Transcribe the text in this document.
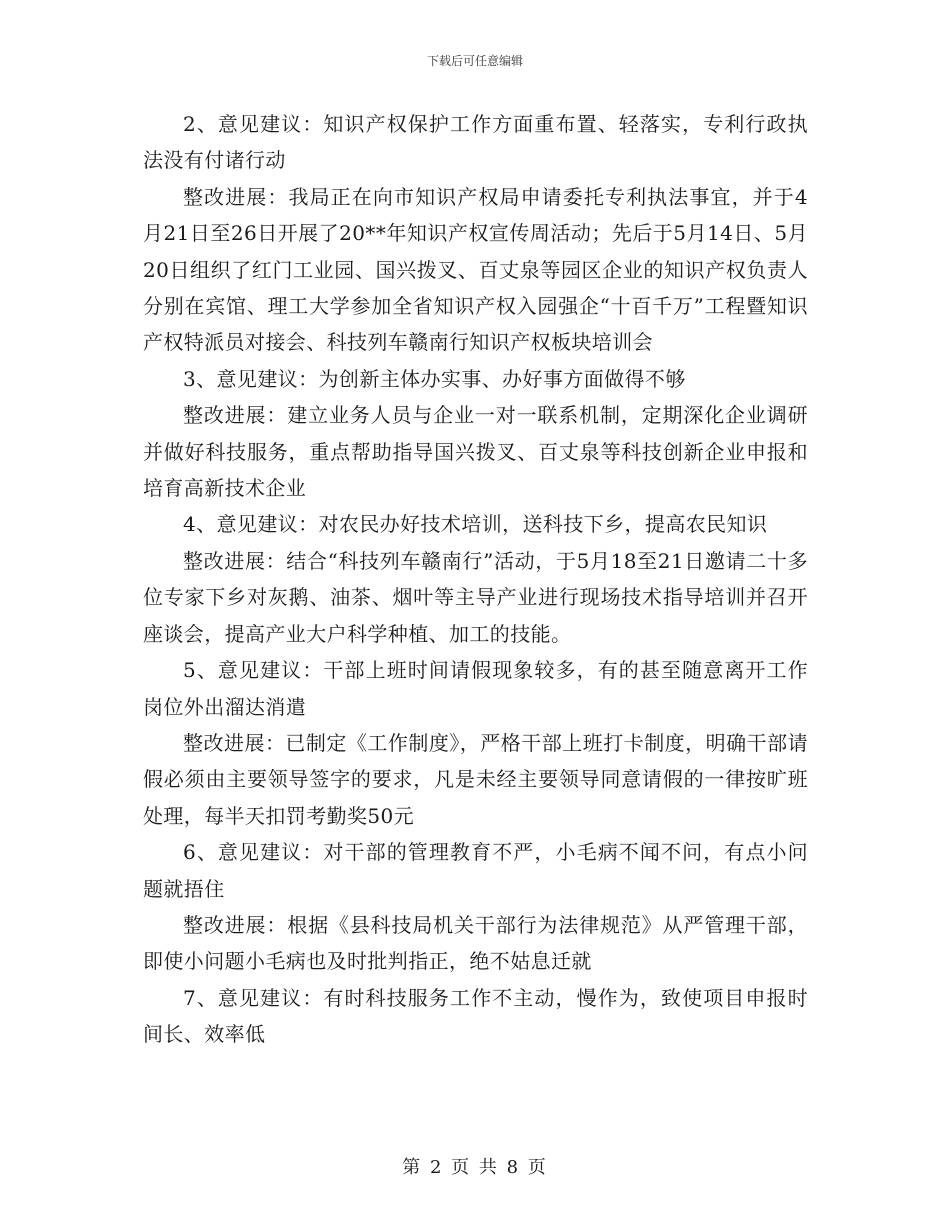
下载后可任意编辑

2、意见建议：知识产权保护工作方面重布置、轻落实，专利行政执法没有付诸行动

整改进展：我局正在向市知识产权局申请委托专利执法事宜，并于4月21日至26日开展了20**年知识产权宣传周活动；先后于5月14日、5月20日组织了红门工业园、国兴拨叉、百丈泉等园区企业的知识产权负责人分别在宾馆、理工大学参加全省知识产权入园强企“十百千万”工程暨知识产权特派员对接会、科技列车赣南行知识产权板块培训会

3、意见建议：为创新主体办实事、办好事方面做得不够

整改进展：建立业务人员与企业一对一联系机制，定期深化企业调研并做好科技服务，重点帮助指导国兴拨叉、百丈泉等科技创新企业申报和培育高新技术企业

4、意见建议：对农民办好技术培训，送科技下乡，提高农民知识

整改进展：结合“科技列车赣南行”活动，于5月18至21日邀请二十多位专家下乡对灰鹅、油茶、烟叶等主导产业进行现场技术指导培训并召开座谈会，提高产业大户科学种植、加工的技能。

5、意见建议：干部上班时间请假现象较多，有的甚至随意离开工作岗位外出溜达消遣

整改进展：已制定《工作制度》，严格干部上班打卡制度，明确干部请假必须由主要领导签字的要求，凡是未经主要领导同意请假的一律按旷班处理，每半天扣罚考勤奖50元

6、意见建议：对干部的管理教育不严，小毛病不闻不问，有点小问题就捂住

整改进展：根据《县科技局机关干部行为法律规范》从严管理干部，即使小问题小毛病也及时批判指正，绝不姑息迁就

7、意见建议：有时科技服务工作不主动，慢作为，致使项目申报时间长、效率低

第 2 页 共 8 页
